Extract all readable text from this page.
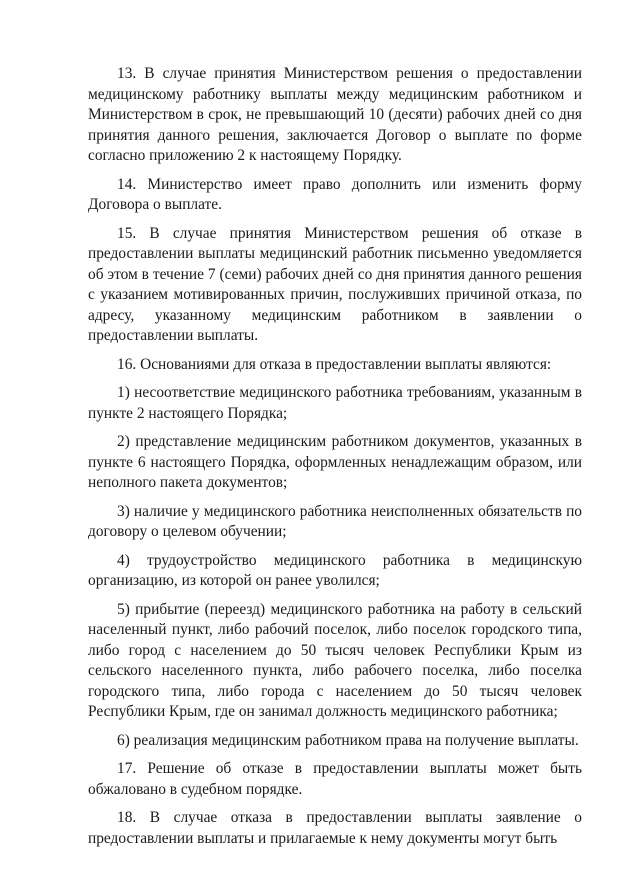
13. В случае принятия Министерством решения о предоставлении медицинскому работнику выплаты между медицинским работником и Министерством в срок, не превышающий 10 (десяти) рабочих дней со дня принятия данного решения, заключается Договор о выплате по форме согласно приложению 2 к настоящему Порядку.

14. Министерство имеет право дополнить или изменить форму Договора о выплате.

15. В случае принятия Министерством решения об отказе в предоставлении выплаты медицинский работник письменно уведомляется об этом в течение 7 (семи) рабочих дней со дня принятия данного решения с указанием мотивированных причин, послуживших причиной отказа, по адресу, указанному медицинским работником в заявлении о предоставлении выплаты.

16. Основаниями для отказа в предоставлении выплаты являются:

1) несоответствие медицинского работника требованиям, указанным в пункте 2 настоящего Порядка;

2) представление медицинским работником документов, указанных в пункте 6 настоящего Порядка, оформленных ненадлежащим образом, или неполного пакета документов;

3) наличие у медицинского работника неисполненных обязательств по договору о целевом обучении;

4) трудоустройство медицинского работника в медицинскую организацию, из которой он ранее уволился;

5) прибытие (переезд) медицинского работника на работу в сельский населенный пункт, либо рабочий поселок, либо поселок городского типа, либо город с населением до 50 тысяч человек Республики Крым из сельского населенного пункта, либо рабочего поселка, либо поселка городского типа, либо города с населением до 50 тысяч человек Республики Крым, где он занимал должность медицинского работника;

6) реализация медицинским работником права на получение выплаты.

17. Решение об отказе в предоставлении выплаты может быть обжаловано в судебном порядке.

18. В случае отказа в предоставлении выплаты заявление о предоставлении выплаты и прилагаемые к нему документы могут быть
